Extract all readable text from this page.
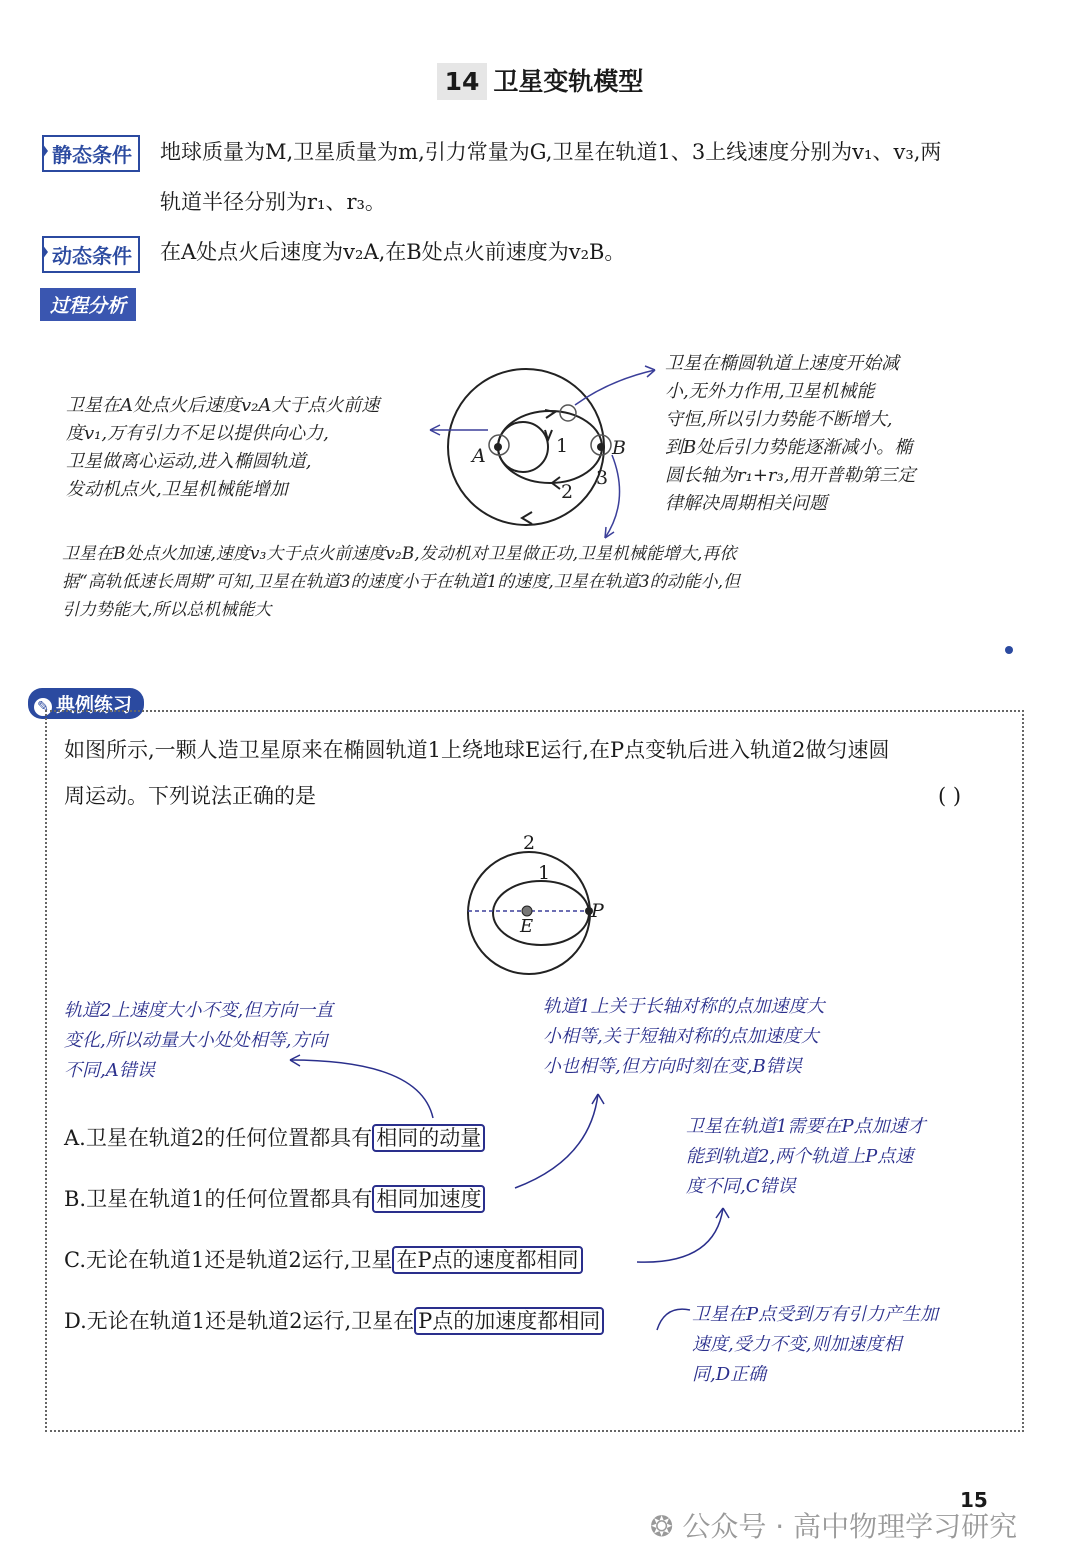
14 卫星变轨模型
静态条件	地球质量为M,卫星质量为m,引力常量为G,卫星在轨道1、3上线速度分别为v₁、v₃,两
轨道半径分别为r₁、r₃。
动态条件	在A处点火后速度为v₂A,在B处点火前速度为v₂B。
过程分析
A	B
1
2
3
卫星在A处点火后速度v₂A大于点火前速
度v₁,万有引力不足以提供向心力,
卫星做离心运动,进入椭圆轨道,
发动机点火,卫星机械能增加
卫星在椭圆轨道上速度开始减
小,无外力作用,卫星机械能
守恒,所以引力势能不断增大,
到B处后引力势能逐渐减小。椭
圆长轴为r₁+r₃,用开普勒第三定
律解决周期相关问题
卫星在B处点火加速,速度v₃大于点火前速度v₂B,发动机对卫星做正功,卫星机械能增大,再依
据“高轨低速长周期”可知,卫星在轨道3的速度小于在轨道1的速度,卫星在轨道3的动能小,但
引力势能大,所以总机械能大
✎ 典例练习
如图所示,一颗人造卫星原来在椭圆轨道1上绕地球E运行,在P点变轨后进入轨道2做匀速圆
周运动。下列说法正确的是	( )
2
1
P
E
轨道2上速度大小不变,但方向一直
变化,所以动量大小处处相等,方向
不同,A错误
轨道1上关于长轴对称的点加速度大
小相等,关于短轴对称的点加速度大
小也相等,但方向时刻在变,B错误
卫星在轨道1需要在P点加速才
能到轨道2,两个轨道上P点速
度不同,C错误
卫星在P点受到万有引力产生加
速度,受力不变,则加速度相
同,D正确
A.卫星在轨道2的任何位置都具有 相同的动量
B.卫星在轨道1的任何位置都具有 相同加速度
C.无论在轨道1还是轨道2运行,卫星 在P点的速度都相同
D.无论在轨道1还是轨道2运行,卫星在 P点的加速度都相同
15
❂ 公众号 · 高中物理学习研究
